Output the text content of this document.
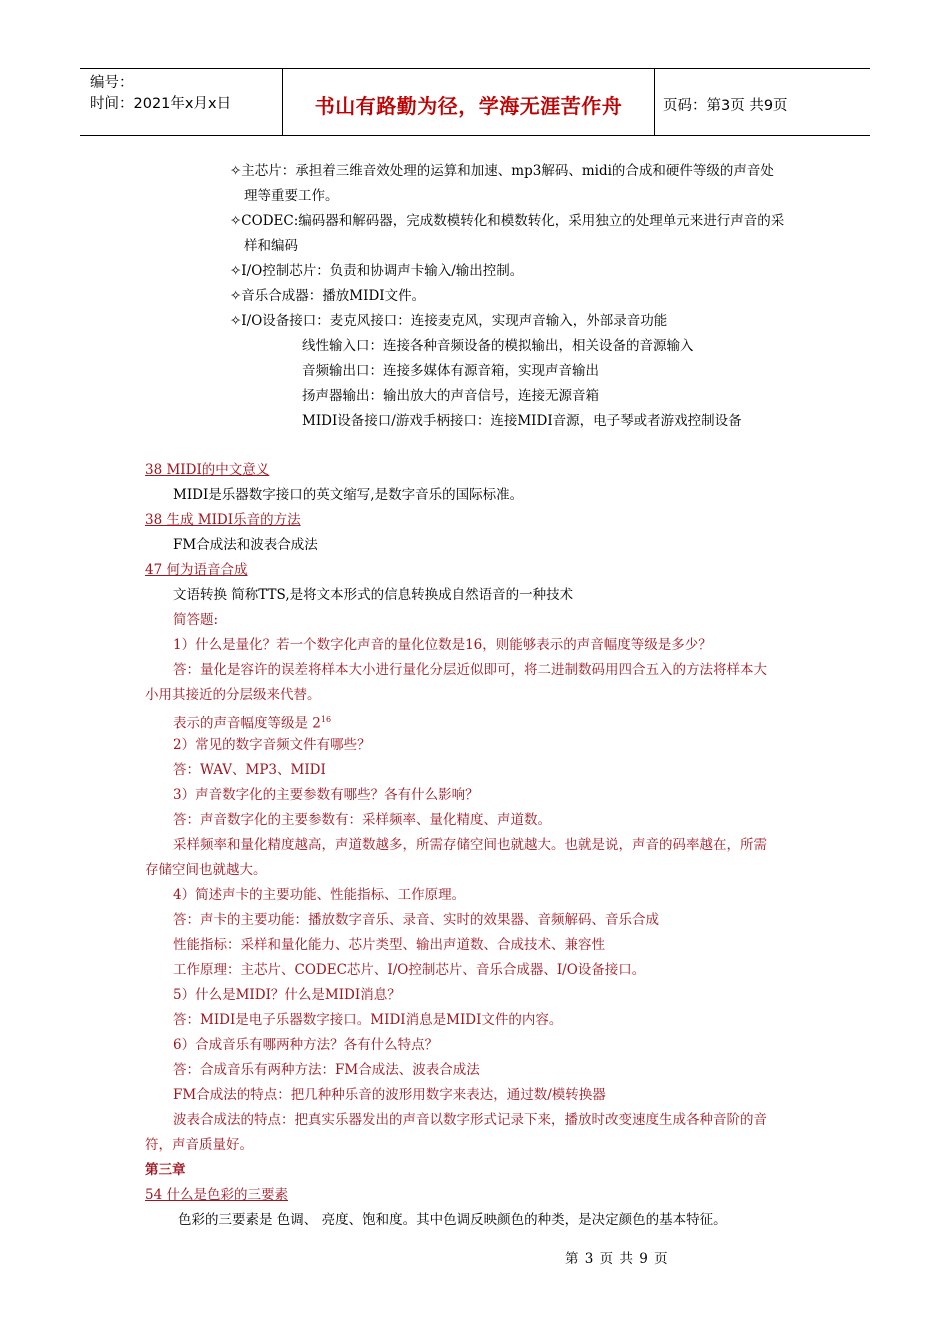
编号：
时间：2021年x月x日	书山有路勤为径，学海无涯苦作舟	页码：第3页 共9页
✧主芯片：承担着三维音效处理的运算和加速、mp3解码、midi的合成和硬件等级的声音处
理等重要工作。
✧CODEC:编码器和解码器，完成数模转化和模数转化，采用独立的处理单元来进行声音的采
样和编码
✧I/O控制芯片：负责和协调声卡输入/输出控制。
✧音乐合成器：播放MIDI文件。
✧I/O设备接口：麦克风接口：连接麦克风，实现声音输入，外部录音功能
线性输入口：连接各种音频设备的模拟输出，相关设备的音源输入
音频输出口：连接多媒体有源音箱，实现声音输出
扬声器输出：输出放大的声音信号，连接无源音箱
MIDI设备接口/游戏手柄接口：连接MIDI音源，电子琴或者游戏控制设备
38 MIDI的中文意义
MIDI是乐器数字接口的英文缩写,是数字音乐的国际标准。
38 生成 MIDI乐音的方法
FM合成法和波表合成法
47 何为语音合成
文语转换 简称TTS,是将文本形式的信息转换成自然语音的一种技术
简答题:
1）什么是量化？若一个数字化声音的量化位数是16，则能够表示的声音幅度等级是多少？
答：量化是容许的误差将样本大小进行量化分层近似即可，将二进制数码用四合五入的方法将样本大
小用其接近的分层级来代替。
表示的声音幅度等级是 $2^{16}$
2）常见的数字音频文件有哪些？
答：WAV、MP3、MIDI
3）声音数字化的主要参数有哪些？各有什么影响？
答：声音数字化的主要参数有：采样频率、量化精度、声道数。
采样频率和量化精度越高，声道数越多，所需存储空间也就越大。也就是说，声音的码率越在，所需
存储空间也就越大。
4）简述声卡的主要功能、性能指标、工作原理。
答：声卡的主要功能：播放数字音乐、录音、实时的效果器、音频解码、音乐合成
性能指标：采样和量化能力、芯片类型、输出声道数、合成技术、兼容性
工作原理：主芯片、CODEC芯片、I/O控制芯片、音乐合成器、I/O设备接口。
5）什么是MIDI？什么是MIDI消息？
答：MIDI是电子乐器数字接口。MIDI消息是MIDI文件的内容。
6）合成音乐有哪两种方法？各有什么特点？
答：合成音乐有两种方法：FM合成法、波表合成法
FM合成法的特点：把几种种乐音的波形用数字来表达，通过数/模转换器
波表合成法的特点：把真实乐器发出的声音以数字形式记录下来，播放时改变速度生成各种音阶的音
符，声音质量好。
第三章
54 什么是色彩的三要素
色彩的三要素是 色调、 亮度、饱和度。其中色调反映颜色的种类，是决定颜色的基本特征。
第 3 页 共 9 页
